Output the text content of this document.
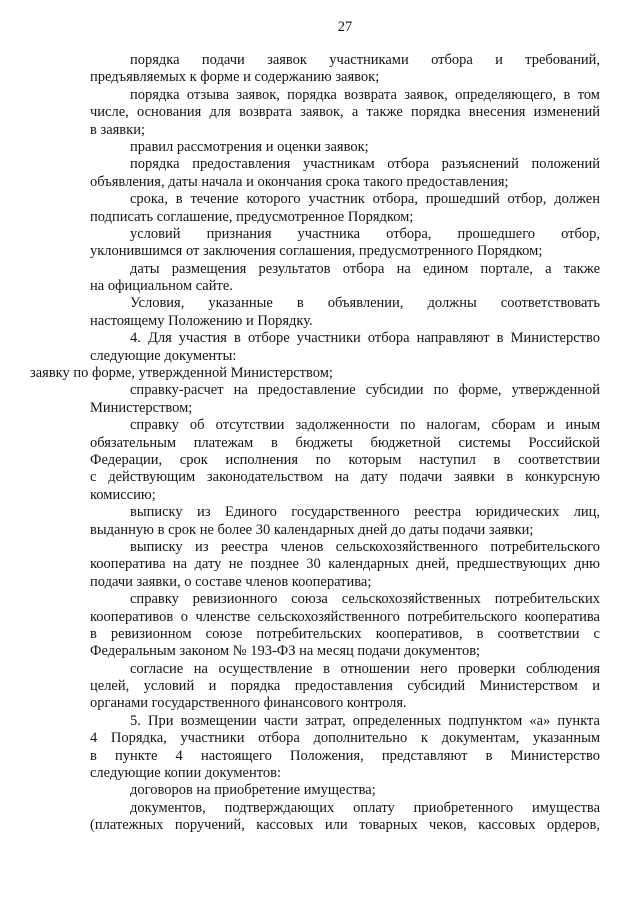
27
порядка подачи заявок участниками отбора и требований,
предъявляемых к форме и содержанию заявок;
порядка отзыва заявок, порядка возврата заявок, определяющего, в том
числе, основания для возврата заявок, а также порядка внесения изменений
в заявки;
правил рассмотрения и оценки заявок;
порядка предоставления участникам отбора разъяснений положений
объявления, даты начала и окончания срока такого предоставления;
срока, в течение которого участник отбора, прошедший отбор, должен
подписать соглашение, предусмотренное Порядком;
условий признания участника отбора, прошедшего отбор,
уклонившимся от заключения соглашения, предусмотренного Порядком;
даты размещения результатов отбора на едином портале, а также
на официальном сайте.
Условия, указанные в объявлении, должны соответствовать
настоящему Положению и Порядку.
4. Для участия в отборе участники отбора направляют в Министерство
следующие документы:
заявку по форме, утвержденной Министерством;
справку-расчет на предоставление субсидии по форме, утвержденной
Министерством;
справку об отсутствии задолженности по налогам, сборам и иным
обязательным платежам в бюджеты бюджетной системы Российской
Федерации, срок исполнения по которым наступил в соответствии
с действующим законодательством на дату подачи заявки в конкурсную
комиссию;
выписку из Единого государственного реестра юридических лиц,
выданную в срок не более 30 календарных дней до даты подачи заявки;
выписку из реестра членов сельскохозяйственного потребительского
кооператива на дату не позднее 30 календарных дней, предшествующих дню
подачи заявки, о составе членов кооператива;
справку ревизионного союза сельскохозяйственных потребительских
кооперативов о членстве сельскохозяйственного потребительского кооператива
в ревизионном союзе потребительских кооперативов, в соответствии с
Федеральным законом № 193-ФЗ на месяц подачи документов;
согласие на осуществление в отношении него проверки соблюдения
целей, условий и порядка предоставления субсидий Министерством и
органами государственного финансового контроля.
5. При возмещении части затрат, определенных подпунктом «а» пункта
4 Порядка, участники отбора дополнительно к документам, указанным
в пункте 4 настоящего Положения, представляют в Министерство
следующие копии документов:
договоров на приобретение имущества;
документов, подтверждающих оплату приобретенного имущества
(платежных поручений, кассовых или товарных чеков, кассовых ордеров,
